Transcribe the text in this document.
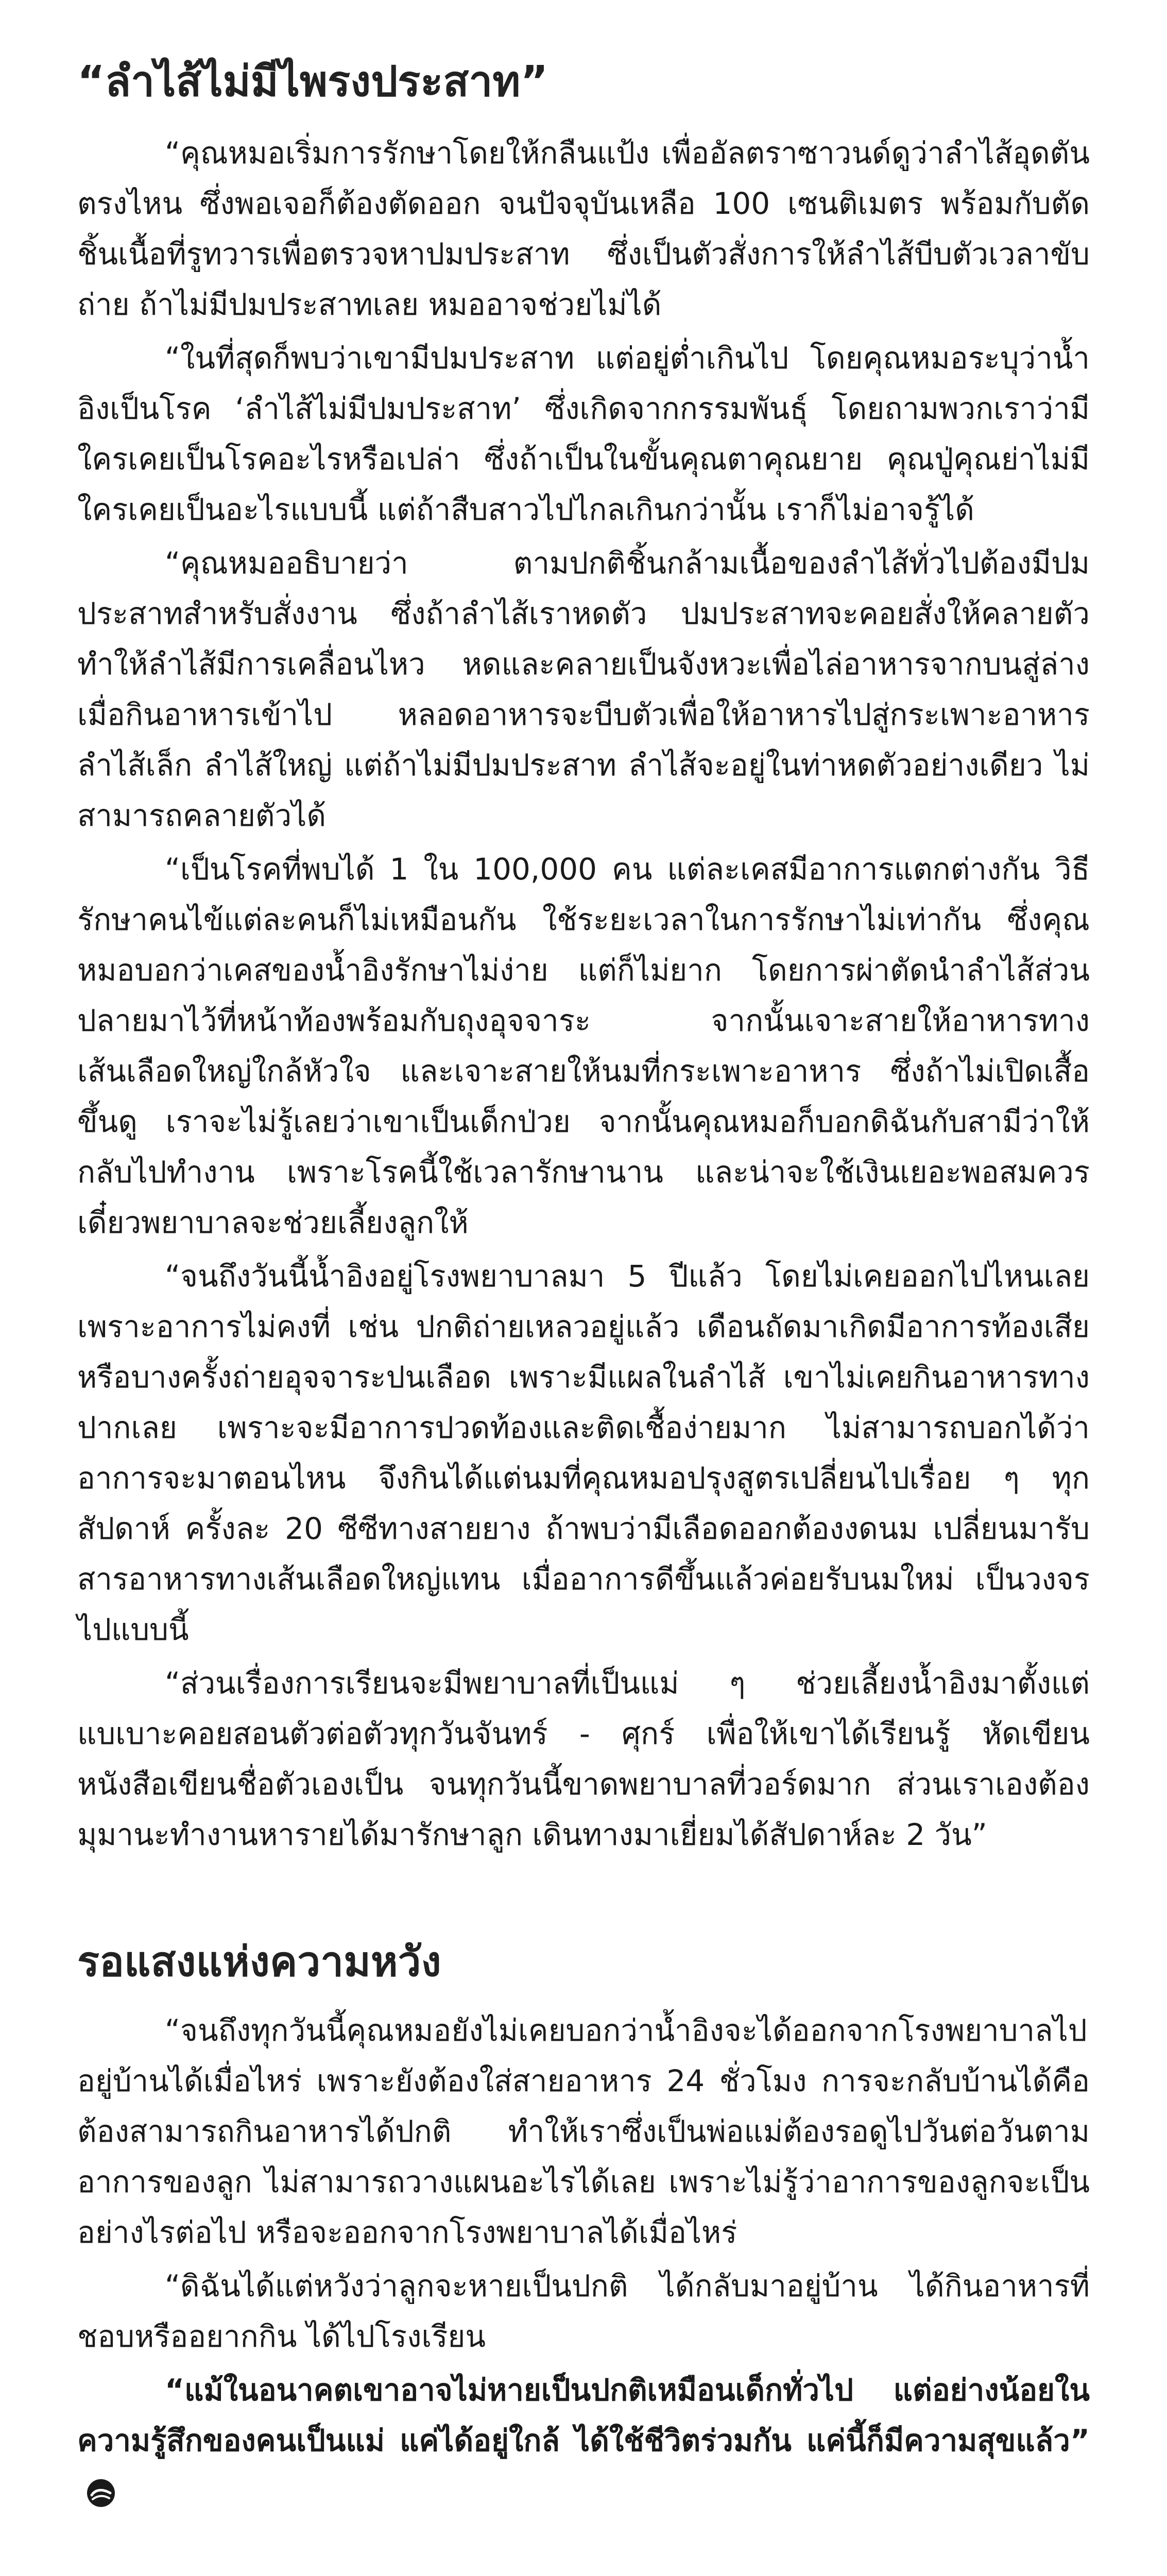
“ลำไส้ไม่มีไพรงประสาท”

“คุณหมอเริ่มการรักษาโดยให้กลืนแป้ง เพื่ออัลตราซาวนด์ดูว่าลำไส้อุดตันตรงไหน ซึ่งพอเจอก็ต้องตัดออก จนปัจจุบันเหลือ 100 เซนติเมตร พร้อมกับตัดชิ้นเนื้อที่รูทวารเพื่อตรวจหาปมประสาท ซึ่งเป็นตัวสั่งการให้ลำไส้บีบตัวเวลาขับถ่าย ถ้าไม่มีปมประสาทเลย หมออาจช่วยไม่ได้

“ในที่สุดก็พบว่าเขามีปมประสาท แต่อยู่ต่ำเกินไป โดยคุณหมอระบุว่าน้ำอิงเป็นโรค ‘ลำไส้ไม่มีปมประสาท’ ซึ่งเกิดจากกรรมพันธุ์ โดยถามพวกเราว่ามีใครเคยเป็นโรคอะไรหรือเปล่า ซึ่งถ้าเป็นในขั้นคุณตาคุณยาย คุณปู่คุณย่าไม่มีใครเคยเป็นอะไรแบบนี้ แต่ถ้าสืบสาวไปไกลเกินกว่านั้น เราก็ไม่อาจรู้ได้

“คุณหมออธิบายว่า ตามปกติชิ้นกล้ามเนื้อของลำไส้ทั่วไปต้องมีปมประสาทสำหรับสั่งงาน ซึ่งถ้าลำไส้เราหดตัว ปมประสาทจะคอยสั่งให้คลายตัว ทำให้ลำไส้มีการเคลื่อนไหว หดและคลายเป็นจังหวะเพื่อไล่อาหารจากบนสู่ล่าง เมื่อกินอาหารเข้าไป หลอดอาหารจะบีบตัวเพื่อให้อาหารไปสู่กระเพาะอาหาร ลำไส้เล็ก ลำไส้ใหญ่ แต่ถ้าไม่มีปมประสาท ลำไส้จะอยู่ในท่าหดตัวอย่างเดียว ไม่สามารถคลายตัวได้

“เป็นโรคที่พบได้ 1 ใน 100,000 คน แต่ละเคสมีอาการแตกต่างกัน วิธีรักษาคนไข้แต่ละคนก็ไม่เหมือนกัน ใช้ระยะเวลาในการรักษาไม่เท่ากัน ซึ่งคุณหมอบอกว่าเคสของน้ำอิงรักษาไม่ง่าย แต่ก็ไม่ยาก โดยการผ่าตัดนำลำไส้ส่วนปลายมาไว้ที่หน้าท้องพร้อมกับถุงอุจจาระ จากนั้นเจาะสายให้อาหารทางเส้นเลือดใหญ่ใกล้หัวใจ และเจาะสายให้นมที่กระเพาะอาหาร ซึ่งถ้าไม่เปิดเสื้อขึ้นดู เราจะไม่รู้เลยว่าเขาเป็นเด็กป่วย จากนั้นคุณหมอก็บอกดิฉันกับสามีว่าให้กลับไปทำงาน เพราะโรคนี้ใช้เวลารักษานาน และน่าจะใช้เงินเยอะพอสมควร เดี๋ยวพยาบาลจะช่วยเลี้ยงลูกให้

“จนถึงวันนี้น้ำอิงอยู่โรงพยาบาลมา 5 ปีแล้ว โดยไม่เคยออกไปไหนเลย เพราะอาการไม่คงที่ เช่น ปกติถ่ายเหลวอยู่แล้ว เดือนถัดมาเกิดมีอาการท้องเสียหรือบางครั้งถ่ายอุจจาระปนเลือด เพราะมีแผลในลำไส้ เขาไม่เคยกินอาหารทางปากเลย เพราะจะมีอาการปวดท้องและติดเชื้อง่ายมาก ไม่สามารถบอกได้ว่าอาการจะมาตอนไหน จึงกินได้แต่นมที่คุณหมอปรุงสูตรเปลี่ยนไปเรื่อย ๆ ทุกสัปดาห์ ครั้งละ 20 ซีซีทางสายยาง ถ้าพบว่ามีเลือดออกต้องงดนม เปลี่ยนมารับสารอาหารทางเส้นเลือดใหญ่แทน เมื่ออาการดีขึ้นแล้วค่อยรับนมใหม่ เป็นวงจรไปแบบนี้

“ส่วนเรื่องการเรียนจะมีพยาบาลที่เป็นแม่ ๆ ช่วยเลี้ยงน้ำอิงมาตั้งแต่แบเบาะคอยสอนตัวต่อตัวทุกวันจันทร์ - ศุกร์ เพื่อให้เขาได้เรียนรู้ หัดเขียนหนังสือเขียนชื่อตัวเองเป็น จนทุกวันนี้ขาดพยาบาลที่วอร์ดมาก ส่วนเราเองต้องมุมานะทำงานหารายได้มารักษาลูก เดินทางมาเยี่ยมได้สัปดาห์ละ 2 วัน”

รอแสงแห่งความหวัง

“จนถึงทุกวันนี้คุณหมอยังไม่เคยบอกว่าน้ำอิงจะได้ออกจากโรงพยาบาลไปอยู่บ้านได้เมื่อไหร่ เพราะยังต้องใส่สายอาหาร 24 ชั่วโมง การจะกลับบ้านได้คือต้องสามารถกินอาหารได้ปกติ ทำให้เราซึ่งเป็นพ่อแม่ต้องรอดูไปวันต่อวันตามอาการของลูก ไม่สามารถวางแผนอะไรได้เลย เพราะไม่รู้ว่าอาการของลูกจะเป็นอย่างไรต่อไป หรือจะออกจากโรงพยาบาลได้เมื่อไหร่

“ดิฉันได้แต่หวังว่าลูกจะหายเป็นปกติ ได้กลับมาอยู่บ้าน ได้กินอาหารที่ชอบหรืออยากกิน ได้ไปโรงเรียน

“แม้ในอนาคตเขาอาจไม่หายเป็นปกติเหมือนเด็กทั่วไป แต่อย่างน้อยในความรู้สึกของคนเป็นแม่ แค่ได้อยู่ใกล้ ได้ใช้ชีวิตร่วมกัน แค่นี้ก็มีความสุขแล้ว”
